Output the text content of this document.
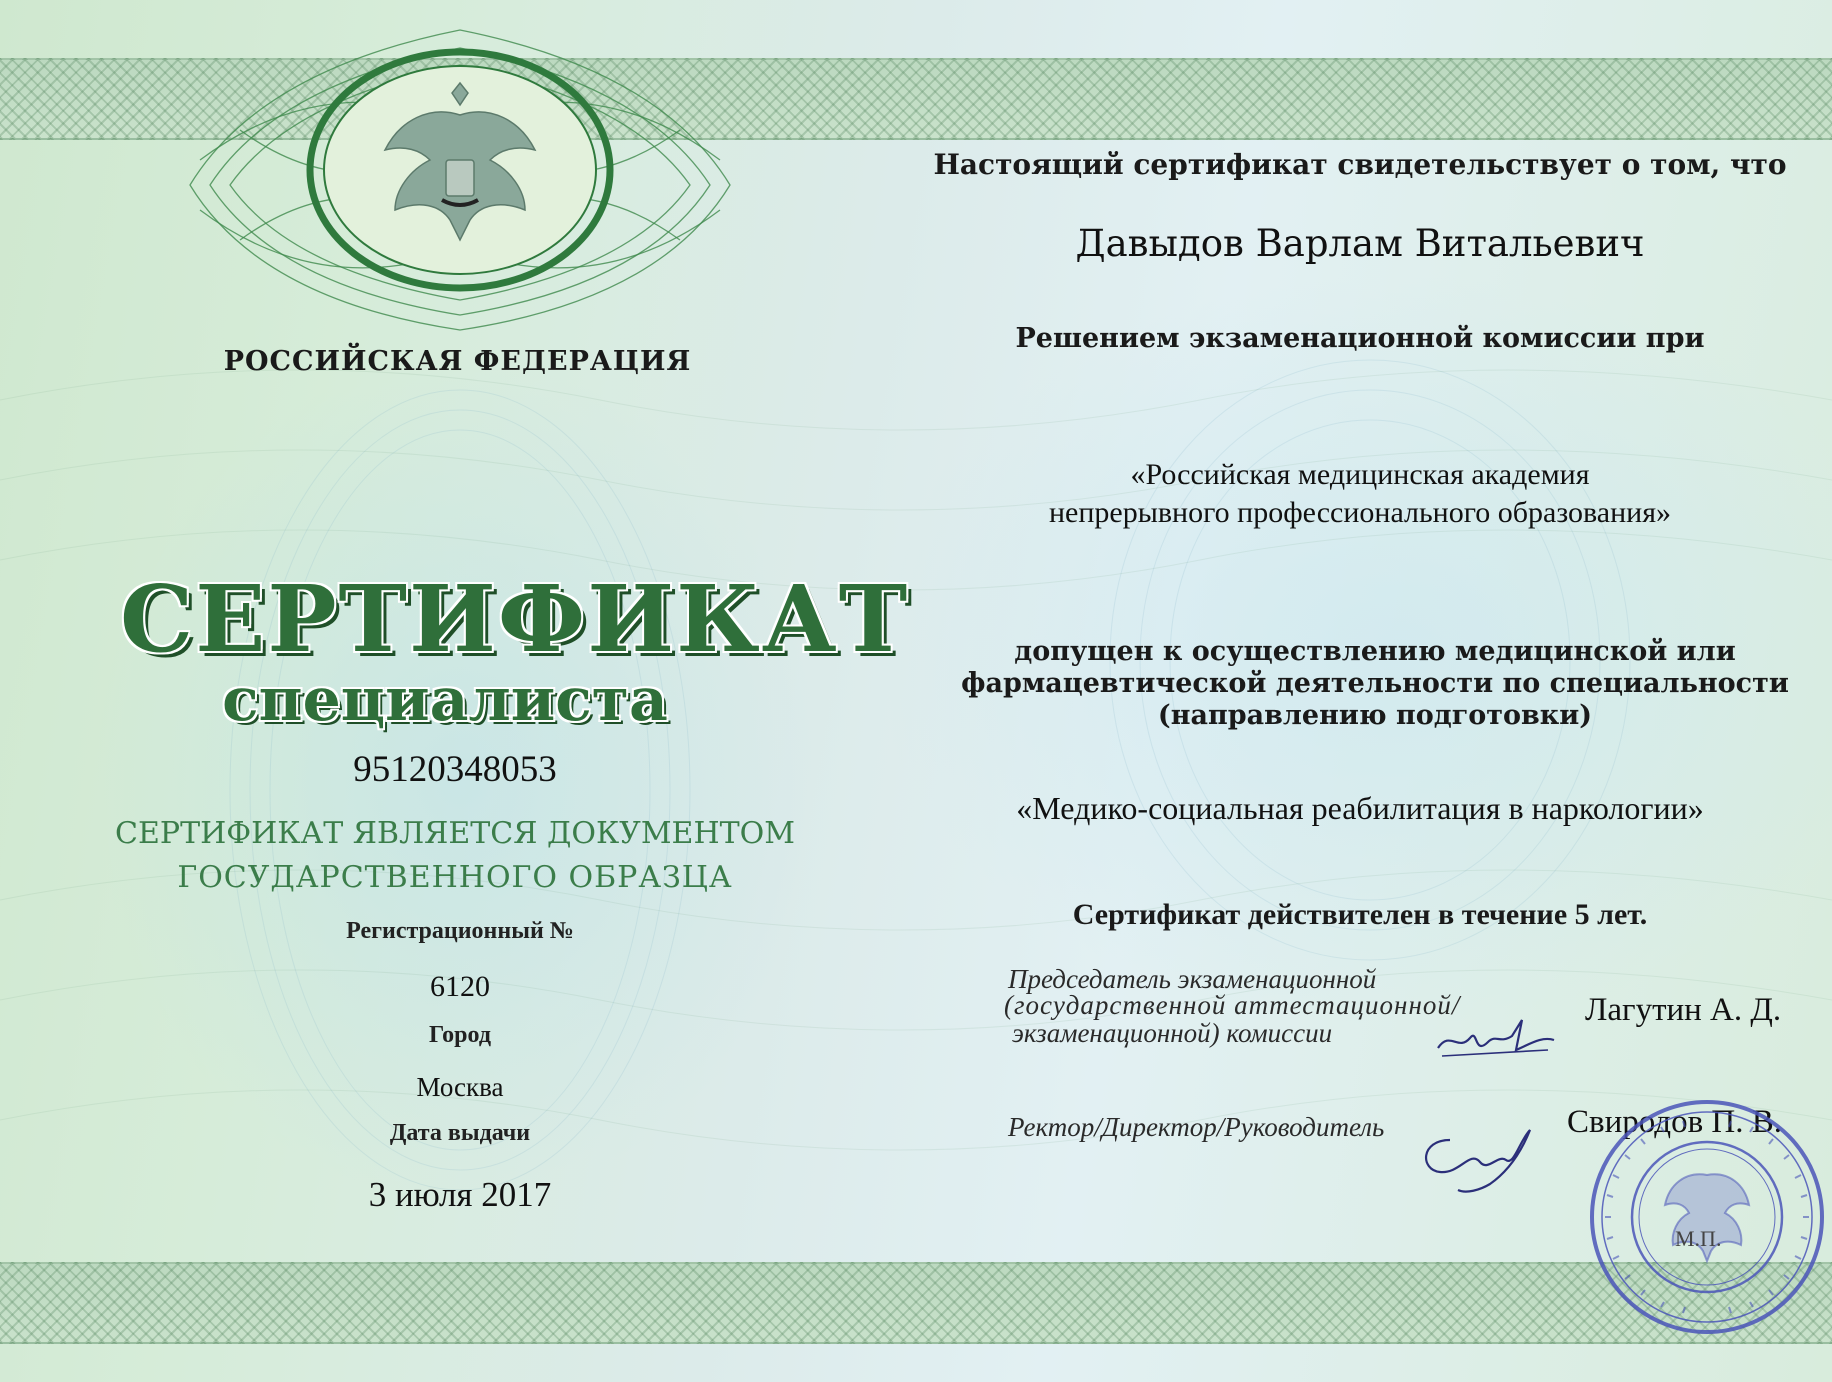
РОССИЙСКАЯ ФЕДЕРАЦИЯ
СЕРТИФИКАТ
специалиста
95120348053
СЕРТИФИКАТ ЯВЛЯЕТСЯ ДОКУМЕНТОМ
ГОСУДАРСТВЕННОГО ОБРАЗЦА
Регистрационный №
6120
Город
Москва
Дата выдачи
3 июля 2017
Настоящий сертификат свидетельствует о том, что
Давыдов Варлам Витальевич
Решением экзаменационной комиссии при
«Российская медицинская академия
непрерывного профессионального образования»
допущен к осуществлению медицинской или
фармацевтической деятельности по специальности
(направлению подготовки)
«Медико-социальная реабилитация в наркологии»
Сертификат действителен в течение 5 лет.
Председатель экзаменационной
(государственной аттестационной/
экзаменационной) комиссии
Лагутин А. Д.
Ректор/Директор/Руководитель	Свиродов П. В.
М.П.
